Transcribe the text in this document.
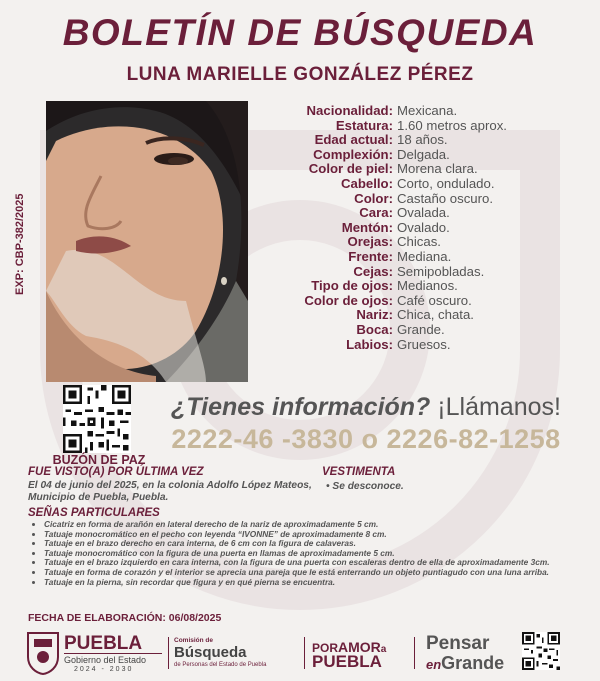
BOLETÍN DE BÚSQUEDA
LUNA MARIELLE GONZÁLEZ PÉREZ
EXP: CBP-382/2025
Nacionalidad: Mexicana.
Estatura: 1.60 metros aprox.
Edad actual: 18 años.
Complexión: Delgada.
Color de piel: Morena clara.
Cabello: Corto, ondulado.
Color: Castaño oscuro.
Cara: Ovalada.
Mentón: Ovalado.
Orejas: Chicas.
Frente: Mediana.
Cejas: Semipobladas.
Tipo de ojos: Medianos.
Color de ojos: Café oscuro.
Nariz: Chica, chata.
Boca: Grande.
Labios: Gruesos.
BUZÓN DE PAZ
¿Tienes información? ¡Llámanos!
2222-46 -3830 o 2226-82-1258
FUE VISTO(A) POR ÚLTIMA VEZ
El 04 de junio del 2025, en la colonia Adolfo López Mateos, Municipio de Puebla, Puebla.
VESTIMENTA
• Se desconoce.
SEÑAS PARTICULARES
• Cicatriz en forma de arañón en lateral derecho de la nariz de aproximadamente 5 cm.
• Tatuaje monocromático en el pecho con leyenda “IVONNE” de aproximadamente 8 cm.
• Tatuaje en el brazo derecho en cara interna, de 6 cm con la figura de calaveras.
• Tatuaje monocromático con la figura de una puerta en llamas de aproximadamente 5 cm.
• Tatuaje en el brazo izquierdo en cara interna, con la figura de una puerta con escaleras dentro de ella de aproximadamente 3cm.
• Tatuaje en forma de corazón y el interior se aprecia una pareja que le está enterrando un objeto puntiagudo con una luna arriba.
• Tatuaje en la pierna, sin recordar que figura y en qué pierna se encuentra.
FECHA DE ELABORACIÓN: 06/08/2025
PUEBLA
Gobierno del Estado
2024 - 2030
Comisión de
Búsqueda
de Personas del Estado de Puebla
PORAMORa
PUEBLA
Pensar
enGrande
